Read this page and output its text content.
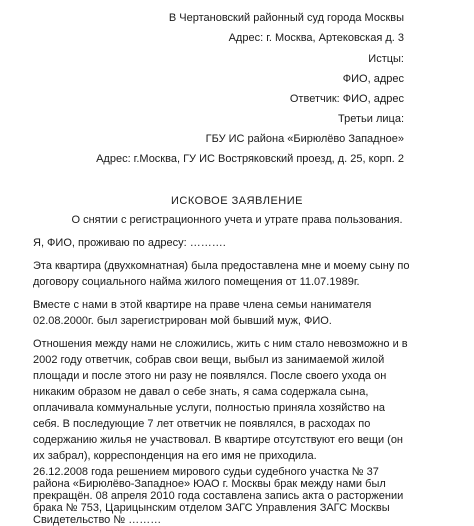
В Чертановский районный суд города Москвы
Адрес: г. Москва, Артековская д. 3
Истцы:
ФИО, адрес
Ответчик: ФИО, адрес
Третьи лица:
ГБУ ИС района «Бирюлёво Западное»
Адрес: г.Москва, ГУ ИС Востряковский проезд, д. 25, корп. 2
ИСКОВОЕ ЗАЯВЛЕНИЕ
О снятии с регистрационного учета и утрате права пользования.
Я, ФИО, проживаю по адресу: ……….
Эта квартира (двухкомнатная) была предоставлена мне и моему сыну по
договору социального найма жилого помещения от 11.07.1989г.
Вместе с нами в этой квартире на праве члена семьи нанимателя
02.08.2000г. был зарегистрирован мой бывший муж, ФИО.
Отношения между нами не сложились, жить с ним стало невозможно и в
2002 году ответчик, собрав свои вещи, выбыл из занимаемой жилой
площади и после этого ни разу не появлялся. После своего ухода он
никаким образом не давал о себе знать, я сама содержала сына,
оплачивала коммунальные услуги, полностью приняла хозяйство на
себя. В последующие 7 лет ответчик не появлялся, в расходах по
содержанию жилья не участвовал. В квартире отсутствуют его вещи (он
их забрал), корреспонденция на его имя не приходила.
26.12.2008 года решением мирового судьи судебного участка № 37
района «Бирюлёво-Западное» ЮАО г. Москвы брак между нами был
прекращён. 08 апреля 2010 года составлена запись акта о расторжении
брака № 753, Царицынским отделом ЗАГС Управления ЗАГС Москвы
Свидетельство № ………
